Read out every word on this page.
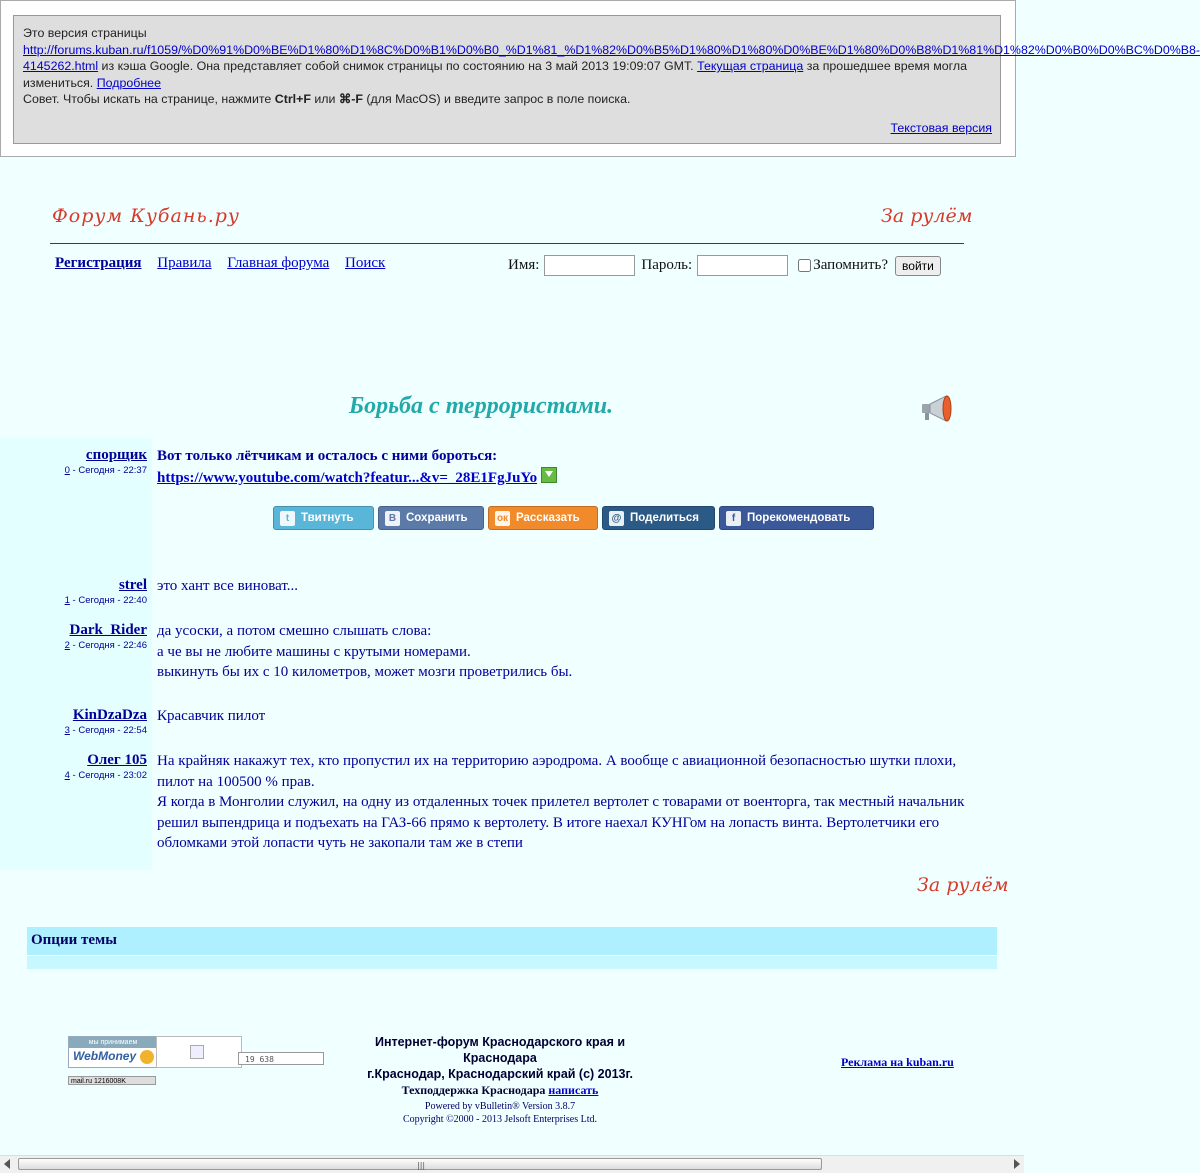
Это версия страницы
http://forums.kuban.ru/f1059/%D0%91%D0%BE%D1%80%D1%8C%D0%B1%D0%B0_%D1%81_%D1%82%D0%B5%D1%80%D1%80%D0%BE%D1%80%D0%B8%D1%81%D1%82%D0%B0%D0%BC%D0%B8-
4145262.html из кэша Google. Она представляет собой снимок страницы по состоянию на 3 май 2013 19:09:07 GMT. Текущая страница за прошедшее время могла измениться. Подробнее
Совет. Чтобы искать на странице, нажмите Ctrl+F или ⌘-F (для MacOS) и введите запрос в поле поиска.
Текстовая версия
Форум Кубань.ру	За рулём
Регистрация Правила Главная форума Поиск	Имя:	Пароль:	Запомнить?	войти
Борьба с террористами.
спорщик
0 - Сегодня - 22:37
Вот только лётчикам и осталось с ними бороться:
https://www.youtube.com/watch?featur...&v=_28E1FgJuYo
t	Твитнуть	В Сохранить	ок Рассказать	@ Поделиться	f	Порекомендовать
strel
1 - Сегодня - 22:40
это хант все виноват...
Dark_Rider
2 - Сегодня - 22:46
да усоски, а потом смешно слышать слова:
а че вы не любите машины с крутыми номерами.
выкинуть бы их с 10 километров, может мозги проветрились бы.
KinDzaDza
3 - Сегодня - 22:54
Красавчик пилот
Олег 105
4 - Сегодня - 23:02
На крайняк накажут тех, кто пропустил их на территорию аэродрома. А вообще с авиационной безопасностью шутки плохи, пилот на 100500 % прав.
Я когда в Монголии служил, на одну из отдаленных точек прилетел вертолет с товарами от военторга, так местный начальник решил выпендрица и подъехать на ГАЗ-66 прямо к вертолету. В итоге наехал КУНГом на лопасть винта. Вертолетчики его обломками этой лопасти чуть не закопали там же в степи
За рулём
Опции темы
мы принимаем
WebMoney	19 638
mail.ru 1216008K
Интернет-форум Краснодарского края и Краснодара
г.Краснодар, Краснодарский край (с) 2013г.
Техподдержка Краснодара написать
Powered by vBulletin® Version 3.8.7
Copyright ©2000 - 2013 Jelsoft Enterprises Ltd.
Реклама на kuban.ru
|||
